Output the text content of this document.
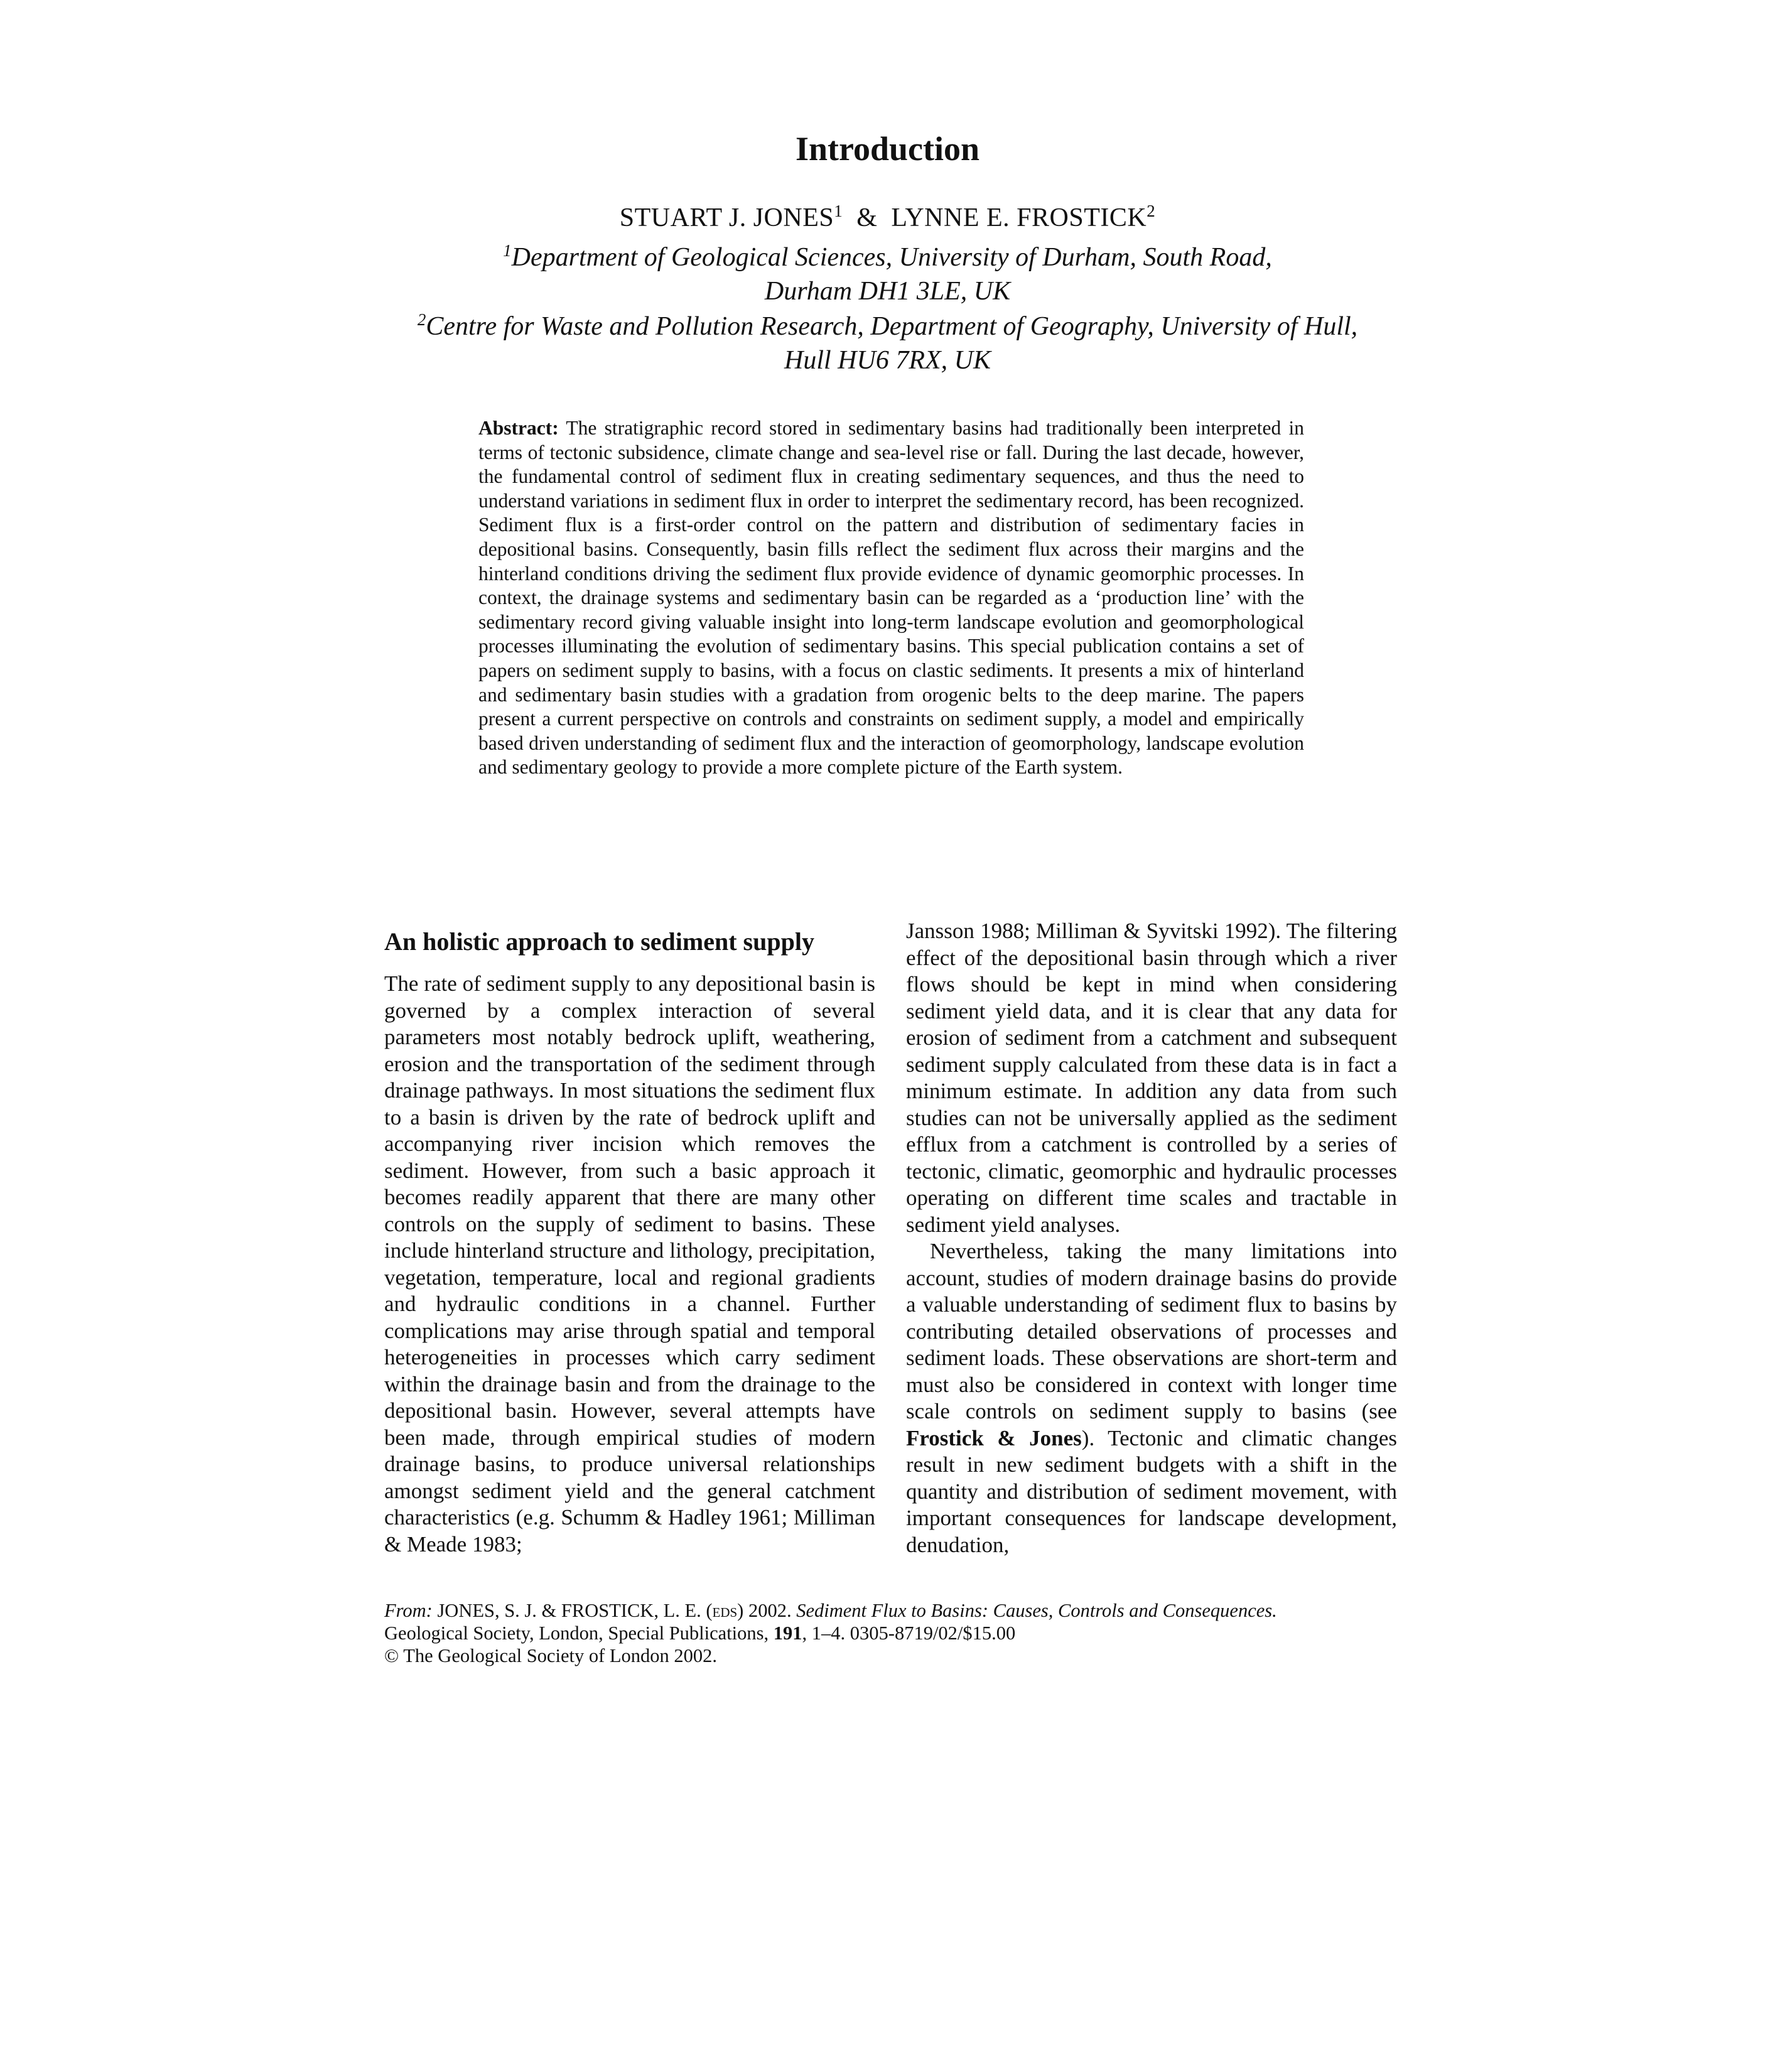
Introduction
STUART J. JONES$^1$ & LYNNE E. FROSTICK$^2$
$^1$Department of Geological Sciences, University of Durham, South Road,
Durham DH1 3LE, UK
$^2$Centre for Waste and Pollution Research, Department of Geography, University of Hull,
Hull HU6 7RX, UK

Abstract: The stratigraphic record stored in sedimentary basins had traditionally been interpreted in terms of tectonic subsidence, climate change and sea-level rise or fall. During the last decade, however, the fundamental control of sediment flux in creating sedimentary sequences, and thus the need to understand variations in sediment flux in order to interpret the sedimentary record, has been recognized. Sediment flux is a first-order control on the pattern and distribution of sedimentary facies in depositional basins. Consequently, basin fills reflect the sediment flux across their margins and the hinterland conditions driving the sediment flux provide evidence of dynamic geomorphic processes. In context, the drainage systems and sedimentary basin can be regarded as a ‘production line’ with the sedimentary record giving valuable insight into long-term landscape evolution and geomorphological processes illuminating the evolution of sedimentary basins. This special publication contains a set of papers on sediment supply to basins, with a focus on clastic sediments. It presents a mix of hinterland and sedimentary basin studies with a gradation from orogenic belts to the deep marine. The papers present a current perspective on controls and constraints on sediment supply, a model and empirically based driven understanding of sediment flux and the interaction of geomorphology, landscape evolution and sedimentary geology to provide a more complete picture of the Earth system.

An holistic approach to sediment supply

The rate of sediment supply to any depositional basin is governed by a complex interaction of several parameters most notably bedrock uplift, weathering, erosion and the transportation of the sediment through drainage pathways. In most situations the sediment flux to a basin is driven by the rate of bedrock uplift and accompanying river incision which removes the sediment. However, from such a basic approach it becomes readily apparent that there are many other controls on the supply of sediment to basins. These include hinterland structure and lithology, precipitation, vegetation, temperature, local and regional gradients and hydraulic conditions in a channel. Further complications may arise through spatial and temporal heterogeneities in processes which carry sediment within the drainage basin and from the drainage to the depositional basin. However, several attempts have been made, through empirical studies of modern drainage basins, to produce universal relationships amongst sediment yield and the general catchment characteristics (e.g. Schumm & Hadley 1961; Milliman & Meade 1983;

Jansson 1988; Milliman & Syvitski 1992). The filtering effect of the depositional basin through which a river flows should be kept in mind when considering sediment yield data, and it is clear that any data for erosion of sediment from a catchment and subsequent sediment supply calculated from these data is in fact a minimum estimate. In addition any data from such studies can not be universally applied as the sediment efflux from a catchment is controlled by a series of tectonic, climatic, geomorphic and hydraulic processes operating on different time scales and tractable in sediment yield analyses.

Nevertheless, taking the many limitations into account, studies of modern drainage basins do provide a valuable understanding of sediment flux to basins by contributing detailed observations of processes and sediment loads. These observations are short-term and must also be considered in context with longer time scale controls on sediment supply to basins (see Frostick & Jones). Tectonic and climatic changes result in new sediment budgets with a shift in the quantity and distribution of sediment movement, with important consequences for landscape development, denudation,

From: JONES, S. J. & FROSTICK, L. E. (eds) 2002. Sediment Flux to Basins: Causes, Controls and Consequences.
Geological Society, London, Special Publications, 191, 1–4. 0305-8719/02/$15.00
© The Geological Society of London 2002.
